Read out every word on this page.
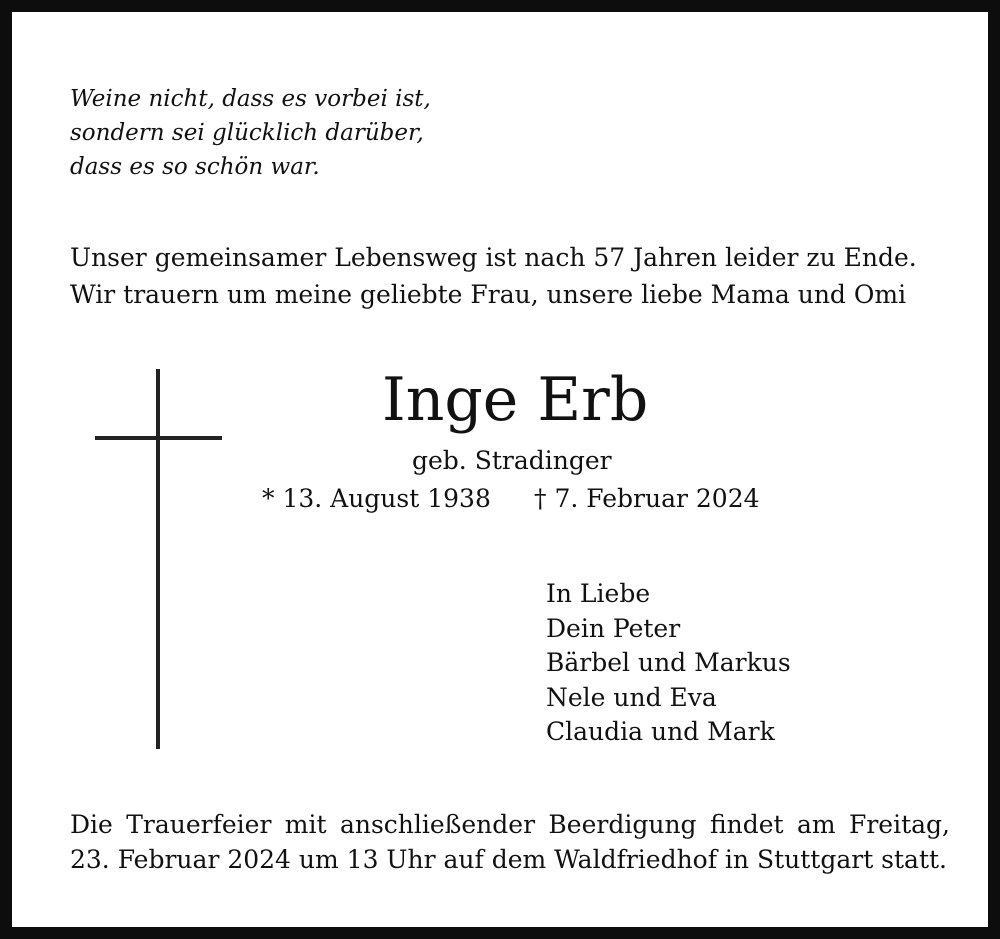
Weine nicht, dass es vorbei ist,
sondern sei glücklich darüber,
dass es so schön war.
Unser gemeinsamer Lebensweg ist nach 57 Jahren leider zu Ende.
Wir trauern um meine geliebte Frau, unsere liebe Mama und Omi
Inge Erb
geb. Stradinger
* 13. August 1938 † 7. Februar 2024
In Liebe
Dein Peter
Bärbel und Markus
Nele und Eva
Claudia und Mark
Die Trauerfeier mit anschließender Beerdigung findet am Freitag,
23. Februar 2024 um 13 Uhr auf dem Waldfriedhof in Stuttgart statt.
